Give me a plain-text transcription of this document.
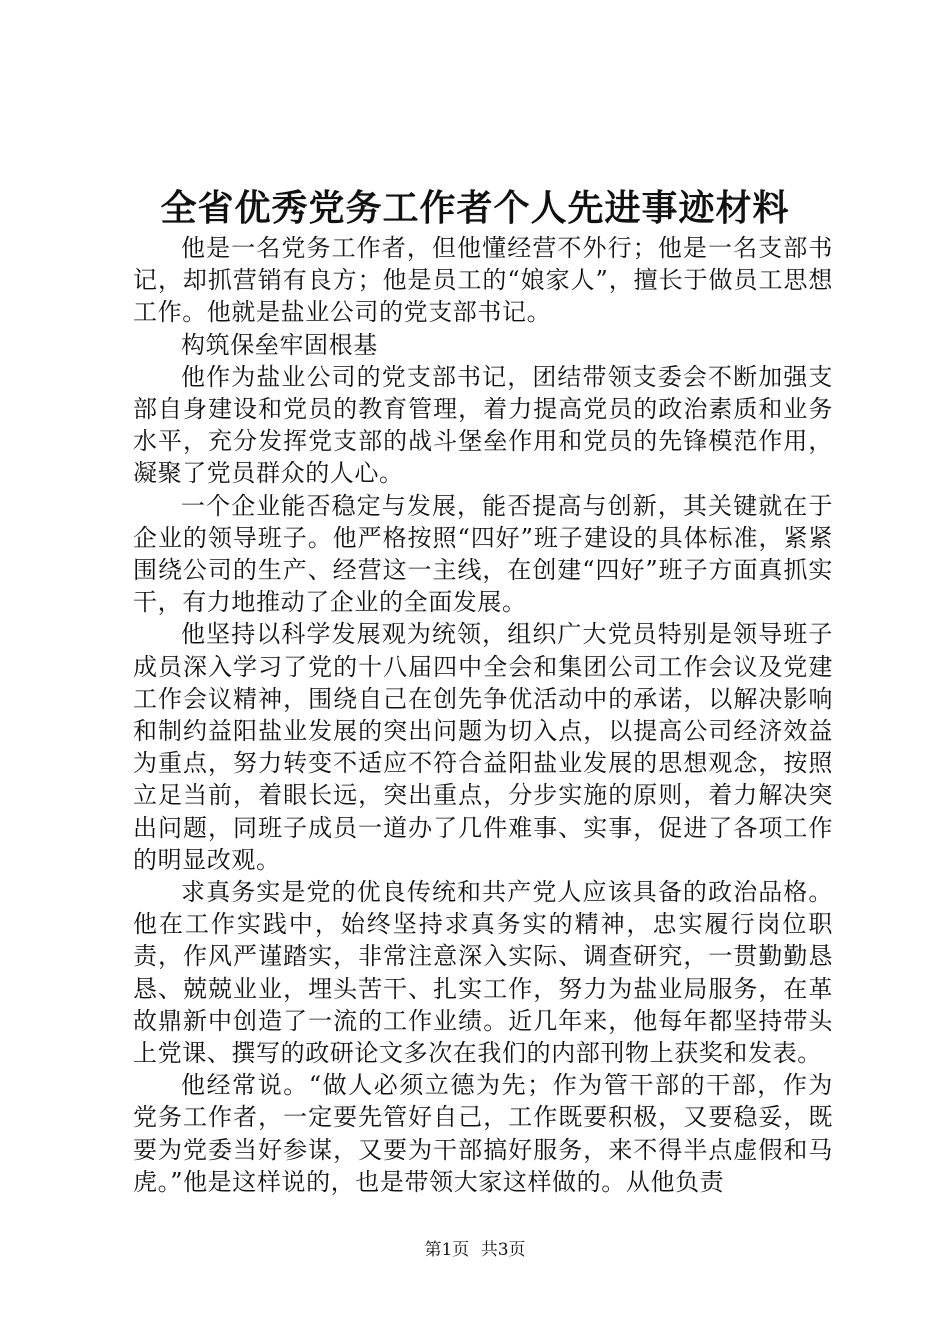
全省优秀党务工作者个人先进事迹材料

他是一名党务工作者，但他懂经营不外行；他是一名支部书记，却抓营销有良方；他是员工的“娘家人”，擅长于做员工思想工作。他就是盐业公司的党支部书记。

构筑保垒牢固根基

他作为盐业公司的党支部书记，团结带领支委会不断加强支部自身建设和党员的教育管理，着力提高党员的政治素质和业务水平，充分发挥党支部的战斗堡垒作用和党员的先锋模范作用，凝聚了党员群众的人心。

一个企业能否稳定与发展，能否提高与创新，其关键就在于企业的领导班子。他严格按照“四好”班子建设的具体标准，紧紧围绕公司的生产、经营这一主线，在创建“四好”班子方面真抓实干，有力地推动了企业的全面发展。

他坚持以科学发展观为统领，组织广大党员特别是领导班子成员深入学习了党的十八届四中全会和集团公司工作会议及党建工作会议精神，围绕自己在创先争优活动中的承诺，以解决影响和制约益阳盐业发展的突出问题为切入点，以提高公司经济效益为重点，努力转变不适应不符合益阳盐业发展的思想观念，按照立足当前，着眼长远，突出重点，分步实施的原则，着力解决突出问题，同班子成员一道办了几件难事、实事，促进了各项工作的明显改观。

求真务实是党的优良传统和共产党人应该具备的政治品格。他在工作实践中，始终坚持求真务实的精神，忠实履行岗位职责，作风严谨踏实，非常注意深入实际、调查研究，一贯勤勤恳恳、兢兢业业，埋头苦干、扎实工作，努力为盐业局服务，在革故鼎新中创造了一流的工作业绩。近几年来，他每年都坚持带头上党课、撰写的政研论文多次在我们的内部刊物上获奖和发表。

他经常说。“做人必须立德为先；作为管干部的干部，作为党务工作者，一定要先管好自己，工作既要积极，又要稳妥，既要为党委当好参谋，又要为干部搞好服务，来不得半点虚假和马虎。”他是这样说的，也是带领大家这样做的。从他负责

第1页 共3页
